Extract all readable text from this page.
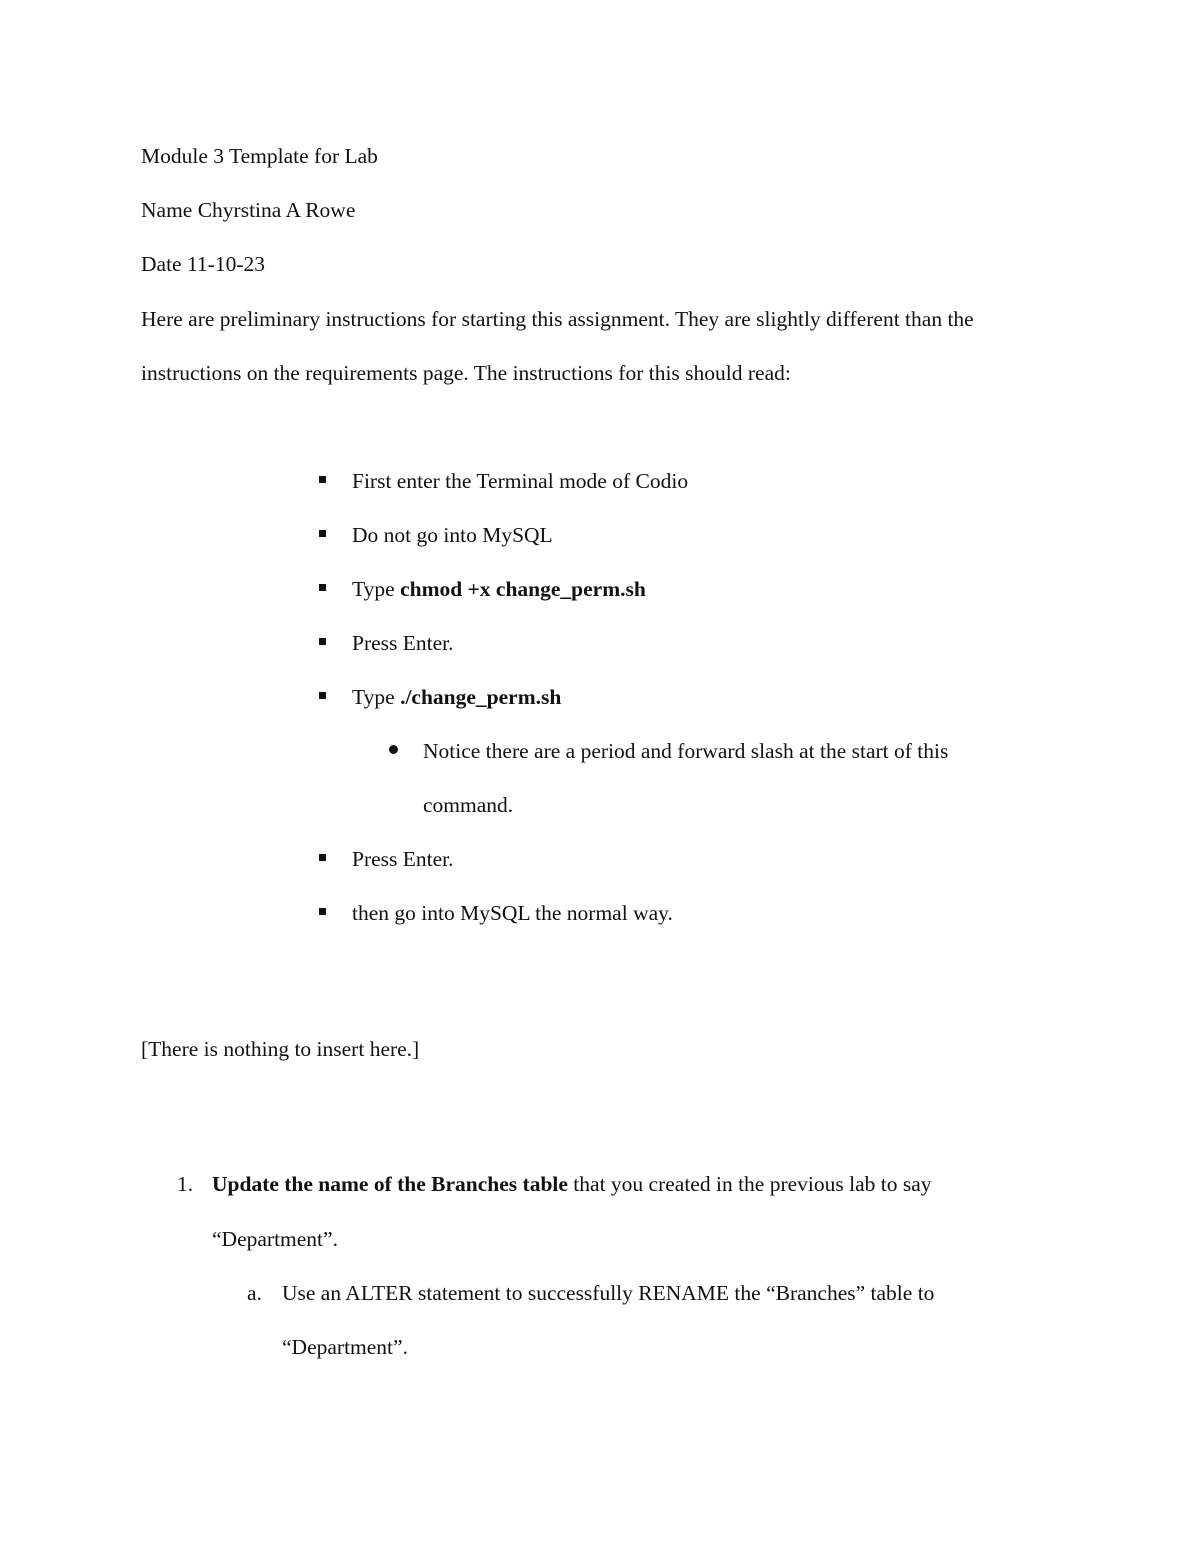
Module 3 Template for Lab
Name Chyrstina A Rowe
Date 11-10-23
Here are preliminary instructions for starting this assignment. They are slightly different than the
instructions on the requirements page. The instructions for this should read:
First enter the Terminal mode of Codio
Do not go into MySQL
Type chmod +x change_perm.sh
Press Enter.
Type ./change_perm.sh
Notice there are a period and forward slash at the start of this
command.
Press Enter.
then go into MySQL the normal way.
[There is nothing to insert here.]
1. Update the name of the Branches table that you created in the previous lab to say
“Department”.
a. Use an ALTER statement to successfully RENAME the “Branches” table to
“Department”.
